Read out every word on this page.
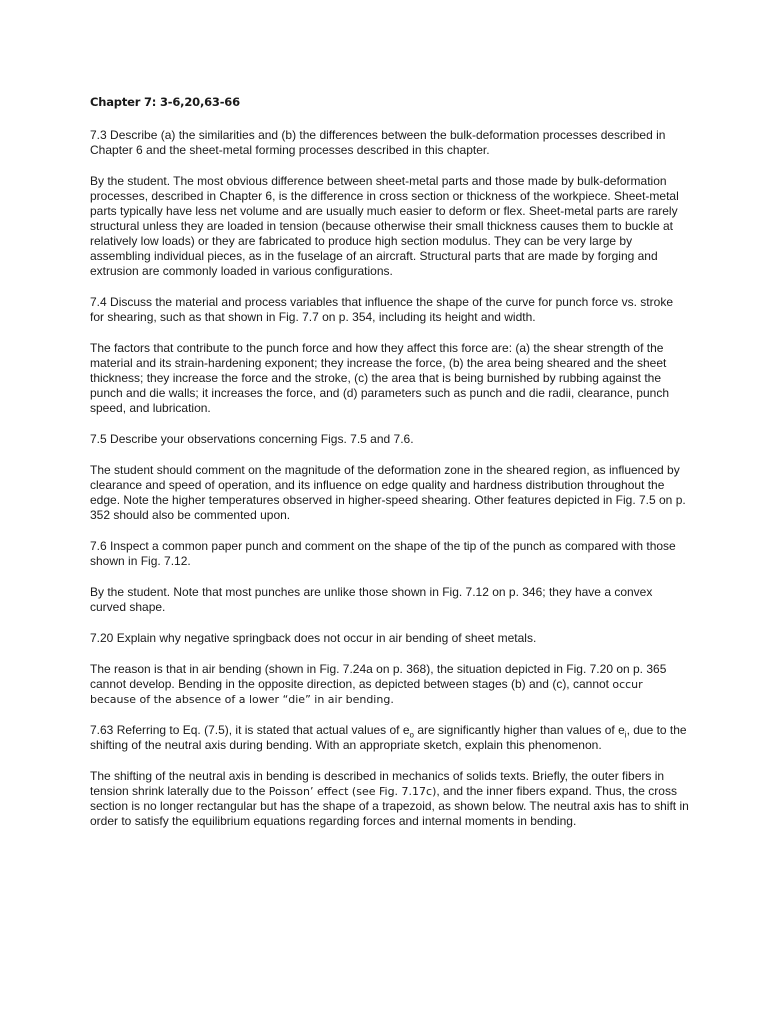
Chapter 7: 3-6,20,63-66

7.3 Describe (a) the similarities and (b) the differences between the bulk-deformation processes described in Chapter 6 and the sheet-metal forming processes described in this chapter.

By the student. The most obvious difference between sheet-metal parts and those made by bulk-deformation processes, described in Chapter 6, is the difference in cross section or thickness of the workpiece. Sheet-metal parts typically have less net volume and are usually much easier to deform or flex. Sheet-metal parts are rarely structural unless they are loaded in tension (because otherwise their small thickness causes them to buckle at relatively low loads) or they are fabricated to produce high section modulus. They can be very large by assembling individual pieces, as in the fuselage of an aircraft. Structural parts that are made by forging and extrusion are commonly loaded in various configurations.

7.4 Discuss the material and process variables that influence the shape of the curve for punch force vs. stroke for shearing, such as that shown in Fig. 7.7 on p. 354, including its height and width.

The factors that contribute to the punch force and how they affect this force are: (a) the shear strength of the material and its strain-hardening exponent; they increase the force, (b) the area being sheared and the sheet thickness; they increase the force and the stroke, (c) the area that is being burnished by rubbing against the punch and die walls; it increases the force, and (d) parameters such as punch and die radii, clearance, punch speed, and lubrication.

7.5 Describe your observations concerning Figs. 7.5 and 7.6.

The student should comment on the magnitude of the deformation zone in the sheared region, as influenced by clearance and speed of operation, and its influence on edge quality and hardness distribution throughout the edge. Note the higher temperatures observed in higher-speed shearing. Other features depicted in Fig. 7.5 on p. 352 should also be commented upon.

7.6 Inspect a common paper punch and comment on the shape of the tip of the punch as compared with those shown in Fig. 7.12.

By the student. Note that most punches are unlike those shown in Fig. 7.12 on p. 346; they have a convex curved shape.

7.20 Explain why negative springback does not occur in air bending of sheet metals.

The reason is that in air bending (shown in Fig. 7.24a on p. 368), the situation depicted in Fig. 7.20 on p. 365 cannot develop. Bending in the opposite direction, as depicted between stages (b) and (c), cannot occur because of the absence of a lower “die” in air bending.

7.63 Referring to Eq. (7.5), it is stated that actual values of $e_o$ are significantly higher than values of $e_i$, due to the shifting of the neutral axis during bending. With an appropriate sketch, explain this phenomenon.

The shifting of the neutral axis in bending is described in mechanics of solids texts. Briefly, the outer fibers in tension shrink laterally due to the Poisson’ effect (see Fig. 7.17c), and the inner fibers expand. Thus, the cross section is no longer rectangular but has the shape of a trapezoid, as shown below. The neutral axis has to shift in order to satisfy the equilibrium equations regarding forces and internal moments in bending.
